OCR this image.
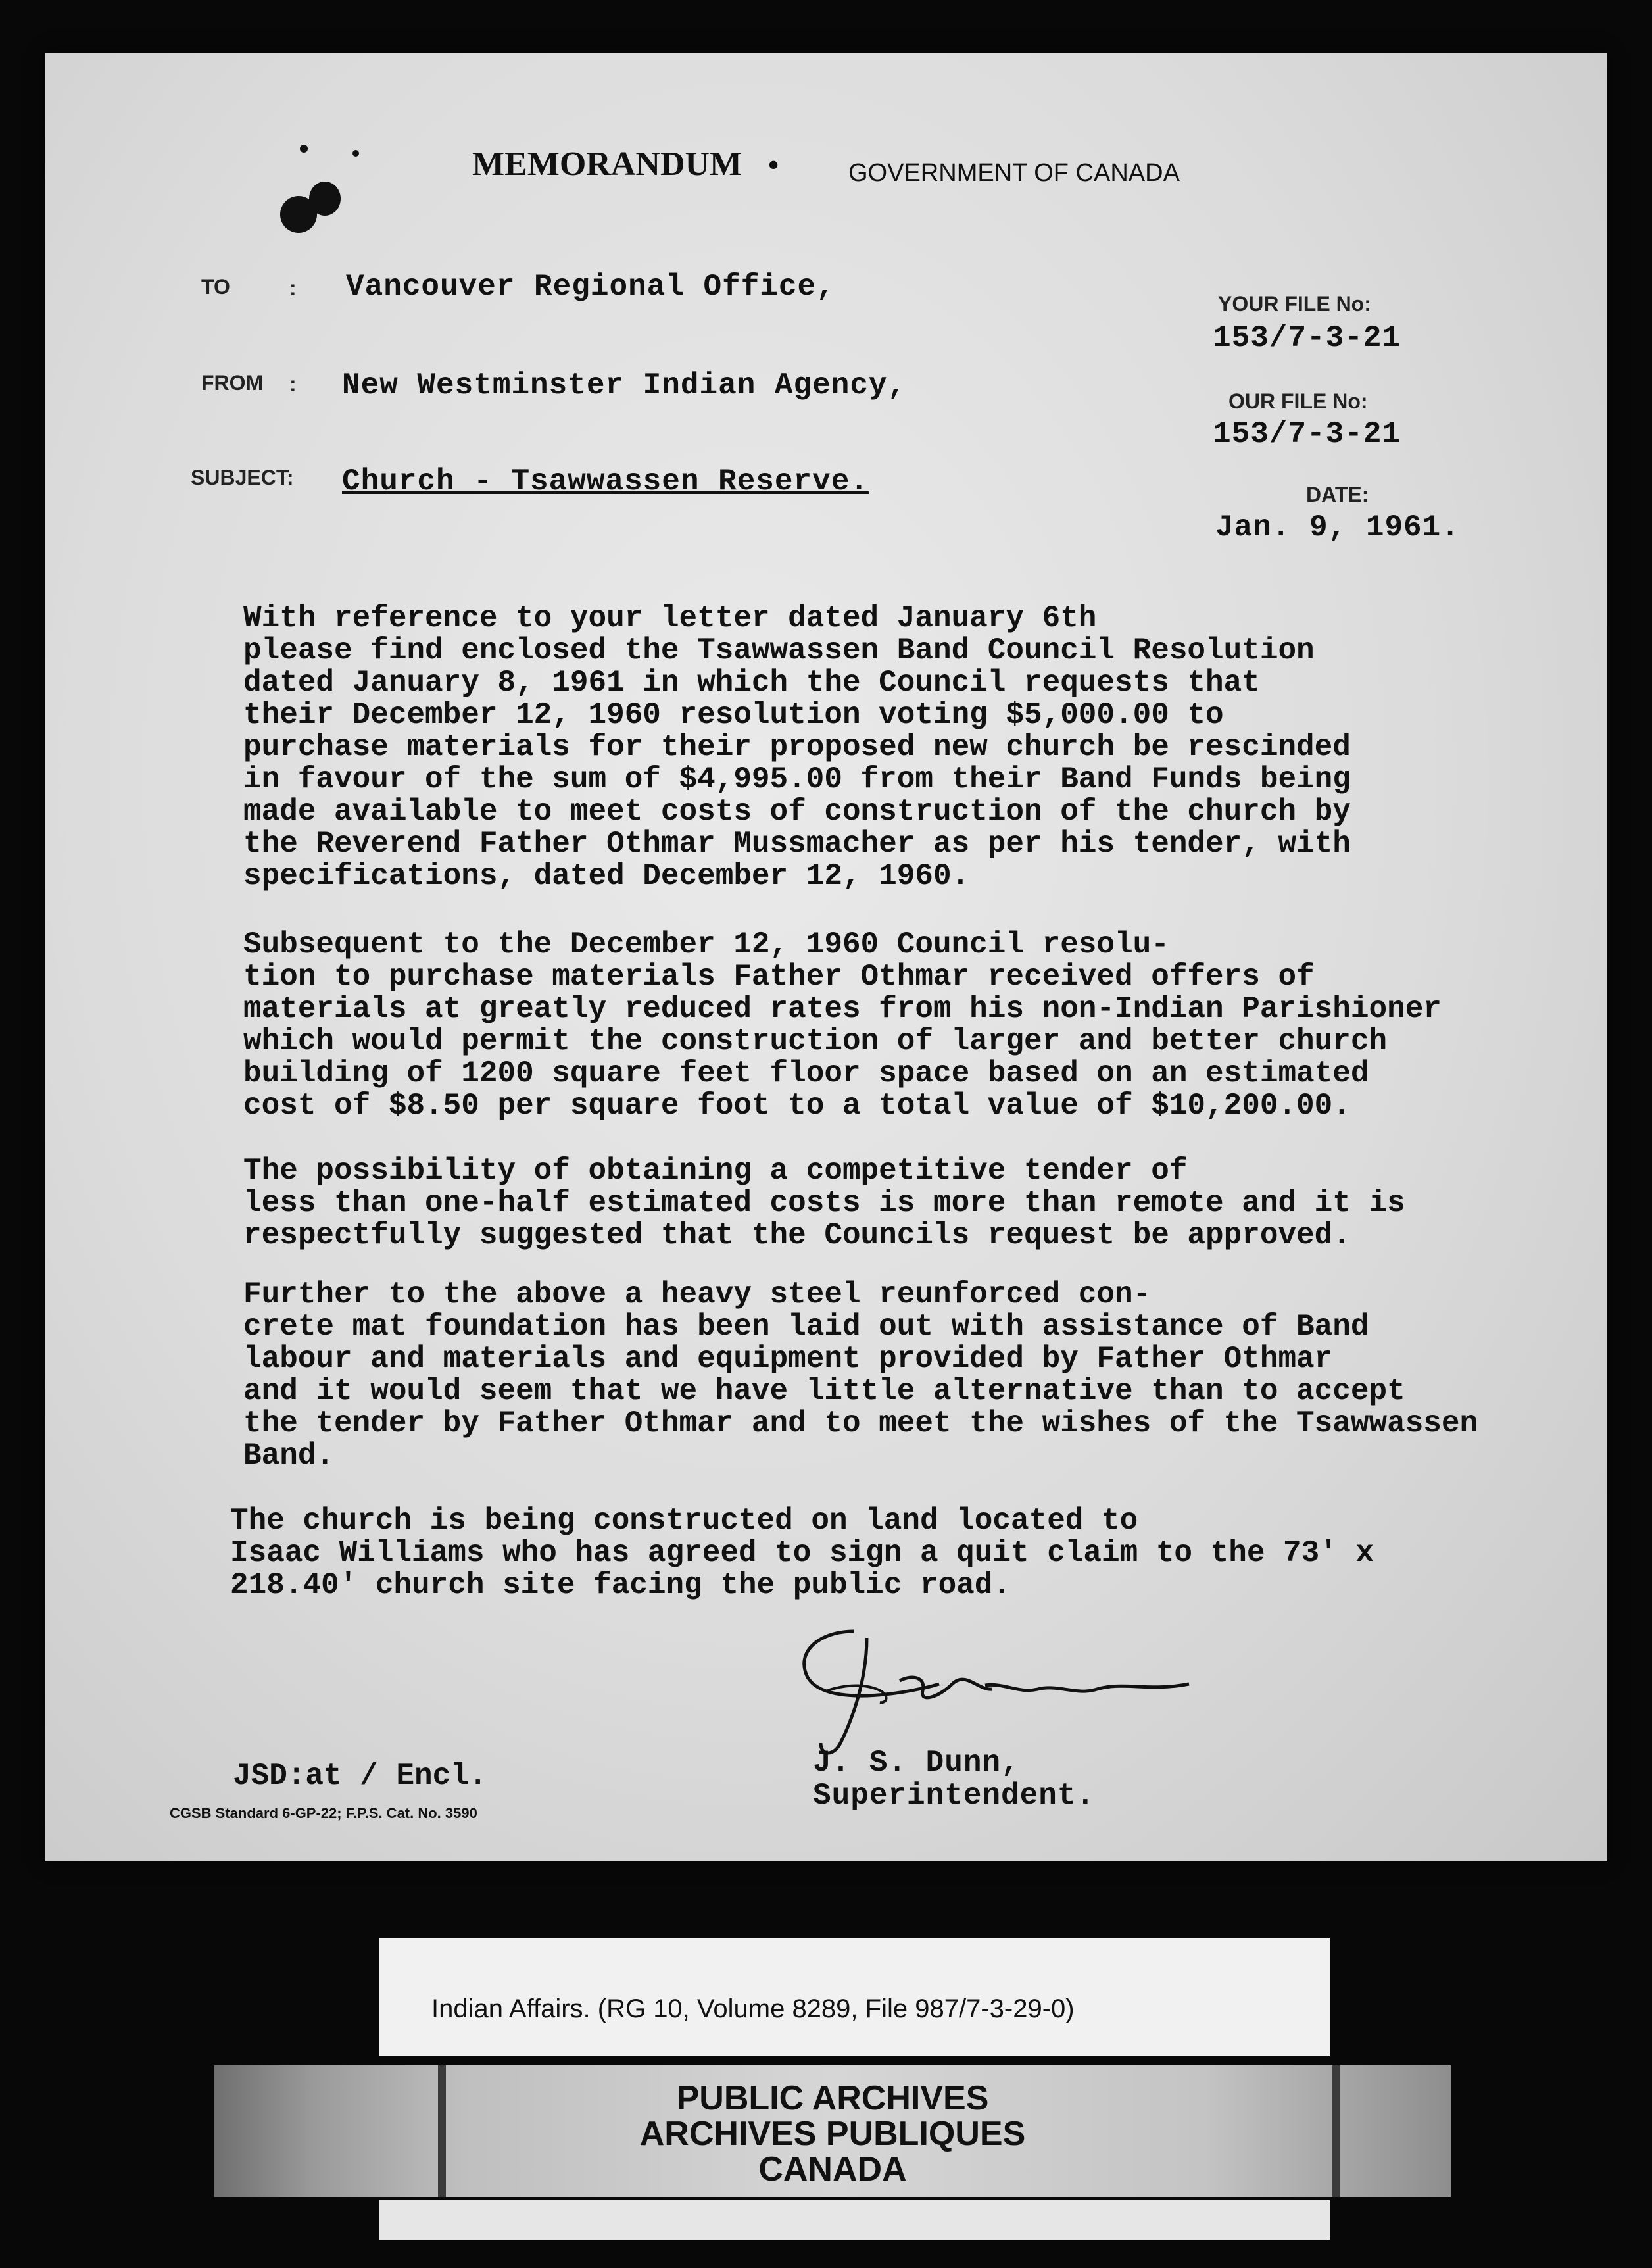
MEMORANDUM •	GOVERNMENT OF CANADA
TO	: Vancouver Regional Office,
FROM : New Westminster Indian Agency,
SUBJECT: Church - Tsawwassen Reserve.
YOUR FILE No:
153/7-3-21
OUR FILE No:
153/7-3-21
DATE:
Jan. 9, 1961.
With reference to your letter dated January 6th
please find enclosed the Tsawwassen Band Council Resolution
dated January 8, 1961 in which the Council requests that
their December 12, 1960 resolution voting $5,000.00 to
purchase materials for their proposed new church be rescinded
in favour of the sum of $4,995.00 from their Band Funds being
made available to meet costs of construction of the church by
the Reverend Father Othmar Mussmacher as per his tender, with
specifications, dated December 12, 1960.
Subsequent to the December 12, 1960 Council resolu-
tion to purchase materials Father Othmar received offers of
materials at greatly reduced rates from his non-Indian Parishioner
which would permit the construction of larger and better church
building of 1200 square feet floor space based on an estimated
cost of $8.50 per square foot to a total value of $10,200.00.
The possibility of obtaining a competitive tender of
less than one-half estimated costs is more than remote and it is
respectfully suggested that the Councils request be approved.
Further to the above a heavy steel reunforced con-
crete mat foundation has been laid out with assistance of Band
labour and materials and equipment provided by Father Othmar
and it would seem that we have little alternative than to accept
the tender by Father Othmar and to meet the wishes of the Tsawwassen
Band.
The church is being constructed on land located to
Isaac Williams who has agreed to sign a quit claim to the 73' x
218.40' church site facing the public road.
J. S. Dunn,
Superintendent.
JSD:at / Encl.
CGSB Standard 6-GP-22; F.P.S. Cat. No. 3590
Indian Affairs. (RG 10, Volume 8289, File 987/7-3-29-0)
PUBLIC ARCHIVES
ARCHIVES PUBLIQUES
CANADA
